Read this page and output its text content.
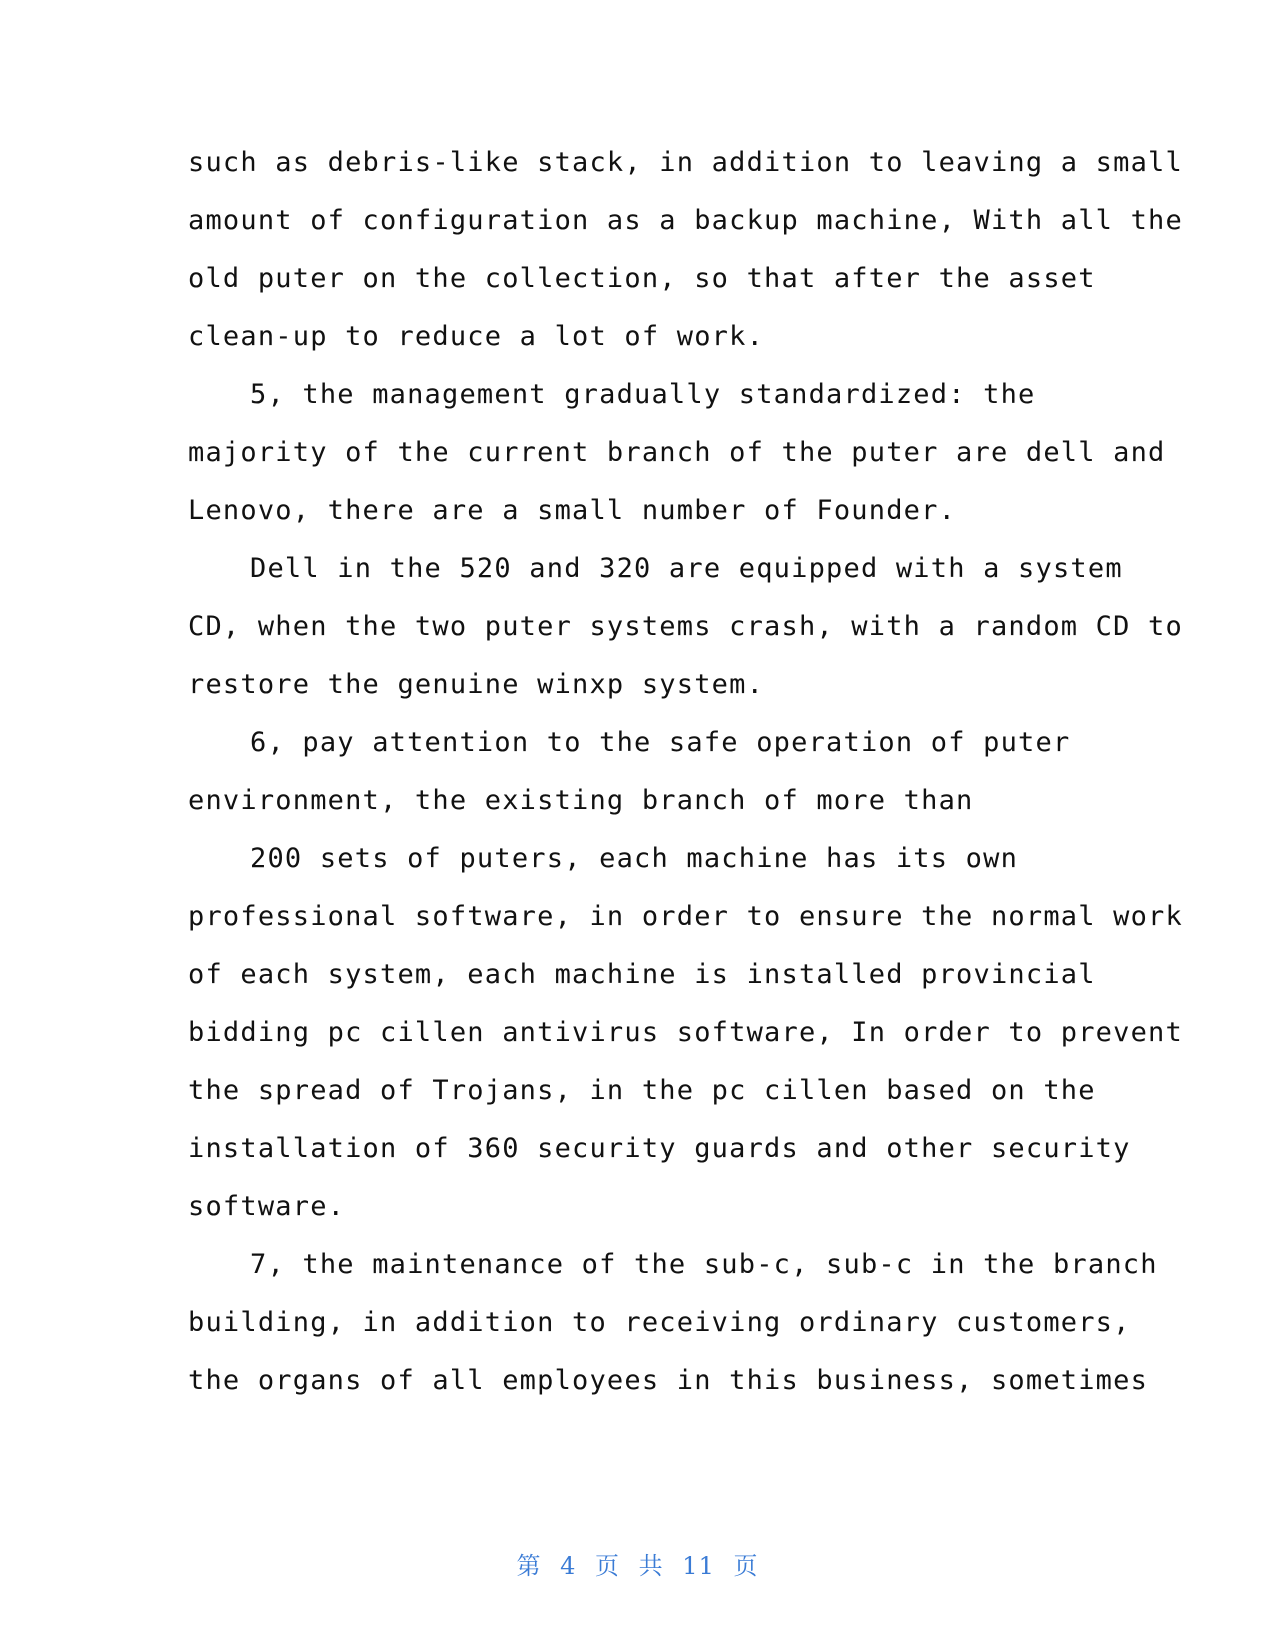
such as debris-like stack, in addition to leaving a small
amount of configuration as a backup machine, With all the
old puter on the collection, so that after the asset
clean-up to reduce a lot of work.
5, the management gradually standardized: the
majority of the current branch of the puter are dell and
Lenovo, there are a small number of Founder.
Dell in the 520 and 320 are equipped with a system
CD, when the two puter systems crash, with a random CD to
restore the genuine winxp system.
6, pay attention to the safe operation of puter
environment, the existing branch of more than
200 sets of puters, each machine has its own
professional software, in order to ensure the normal work
of each system, each machine is installed provincial
bidding pc cillen antivirus software, In order to prevent
the spread of Trojans, in the pc cillen based on the
installation of 360 security guards and other security
software.
7, the maintenance of the sub-c, sub-c in the branch
building, in addition to receiving ordinary customers,
the organs of all employees in this business, sometimes
第 4 页 共 11 页
